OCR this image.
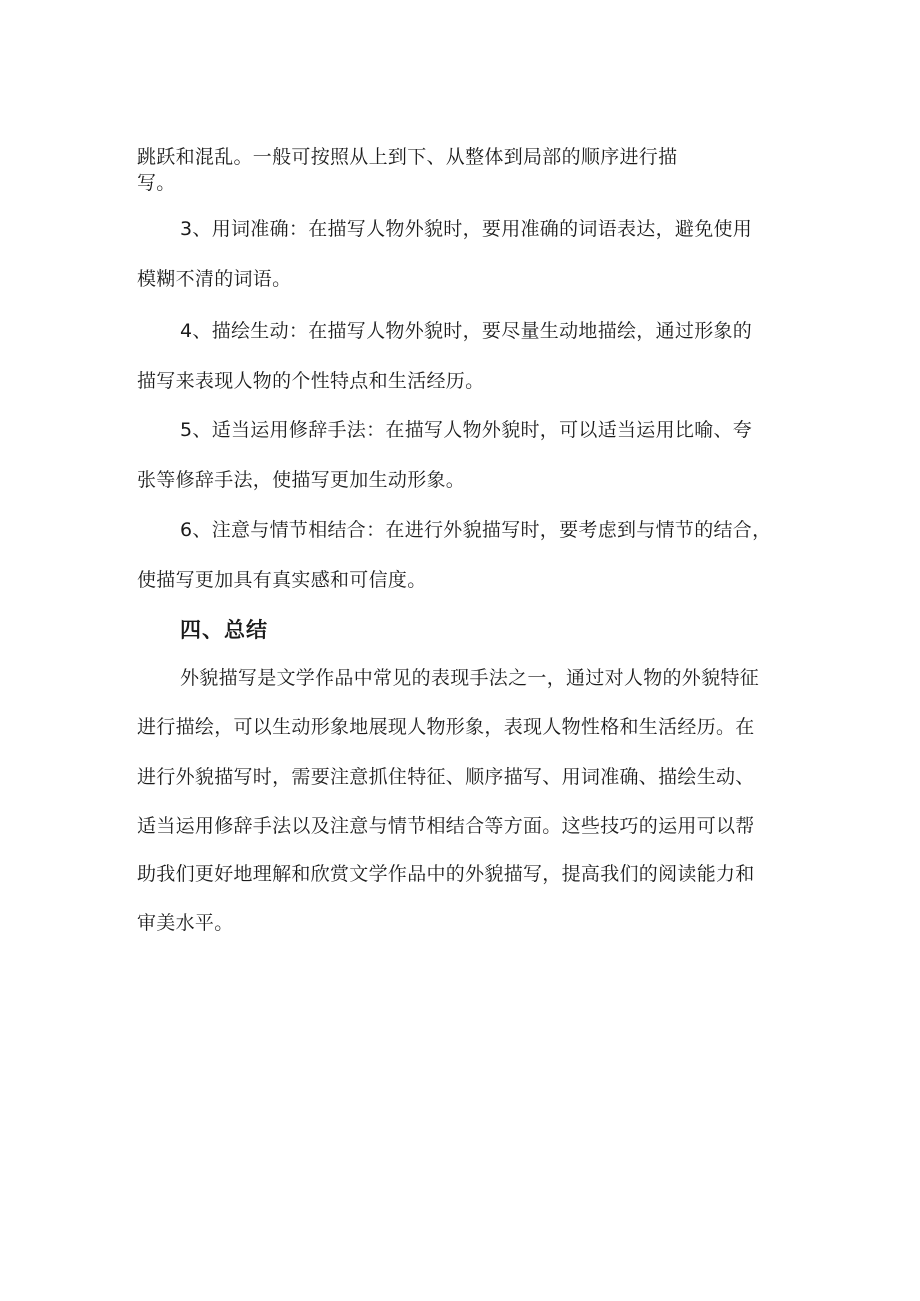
跳跃和混乱。一般可按照从上到下、从整体到局部的顺序进行描
写。
3、用词准确：在描写人物外貌时，要用准确的词语表达，避免使用
模糊不清的词语。
4、描绘生动：在描写人物外貌时，要尽量生动地描绘，通过形象的
描写来表现人物的个性特点和生活经历。
5、适当运用修辞手法：在描写人物外貌时，可以适当运用比喻、夸
张等修辞手法，使描写更加生动形象。
6、注意与情节相结合：在进行外貌描写时，要考虑到与情节的结合，
使描写更加具有真实感和可信度。
四、总结
外貌描写是文学作品中常见的表现手法之一，通过对人物的外貌特征
进行描绘，可以生动形象地展现人物形象，表现人物性格和生活经历。在
进行外貌描写时，需要注意抓住特征、顺序描写、用词准确、描绘生动、
适当运用修辞手法以及注意与情节相结合等方面。这些技巧的运用可以帮
助我们更好地理解和欣赏文学作品中的外貌描写，提高我们的阅读能力和
审美水平。
